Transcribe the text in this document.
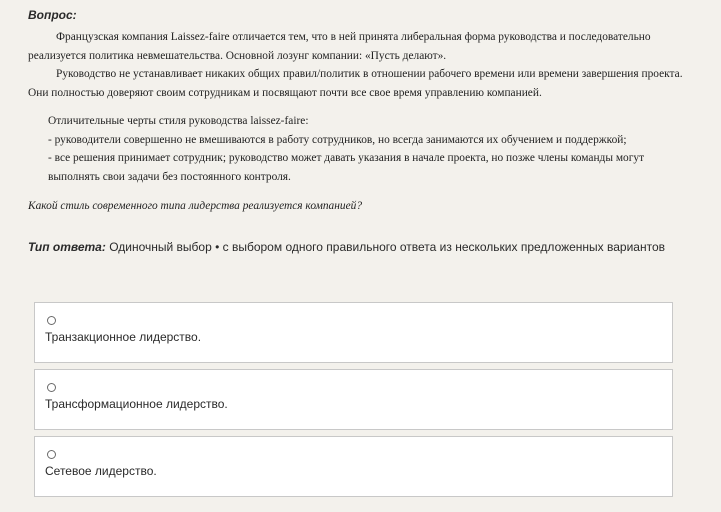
Вопрос:

Французская компания Laissez-faire отличается тем, что в ней принята либеральная форма руководства и последовательно реализуется политика невмешательства. Основной лозунг компании: «Пусть делают».

Руководство не устанавливает никаких общих правил/политик в отношении рабочего времени или времени завершения проекта. Они полностью доверяют своим сотрудникам и посвящают почти все свое время управлению компанией.

Отличительные черты стиля руководства laissez-faire:

- руководители совершенно не вмешиваются в работу сотрудников, но всегда занимаются их обучением и поддержкой;

- все решения принимает сотрудник; руководство может давать указания в начале проекта, но позже члены команды могут выполнять свои задачи без постоянного контроля.

Какой стиль современного типа лидерства реализуется компанией?

Тип ответа: Одиночный выбор • с выбором одного правильного ответа из нескольких предложенных вариантов
Транзакционное лидерство.
Трансформационное лидерство.
Сетевое лидерство.
